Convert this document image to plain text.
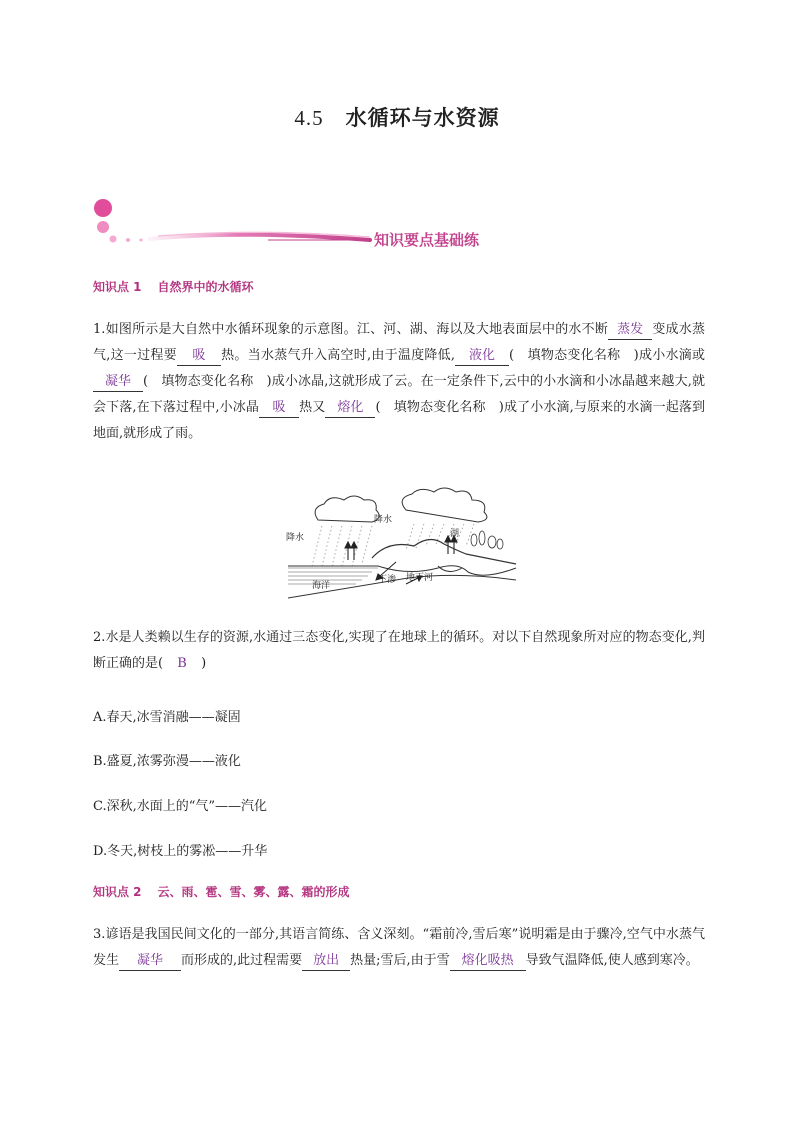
4.5 水循环与水资源
知识要点基础练
知识点 1 自然界中的水循环
1.如图所示是大自然中水循环现象的示意图。江、河、湖、海以及大地表面层中的水不断 蒸发 变成水蒸气,这一过程要 吸 热。当水蒸气升入高空时,由于温度降低, 液化 (　填物态变化名称　)成小水滴或凝华 (　填物态变化名称　)成小冰晶,这就形成了云。在一定条件下,云中的小水滴和小冰晶越来越大,就会下落,在下落过程中,小冰晶 吸 热又 熔化 (　填物态变化名称　)成了小水滴,与原来的水滴一起落到地面,就形成了雨。
降水
降水
海洋
下渗
湖
地下河
2.水是人类赖以生存的资源,水通过三态变化,实现了在地球上的循环。对以下自然现象所对应的物态变化,判断正确的是( B )
A.春天,冰雪消融——凝固
B.盛夏,浓雾弥漫——液化
C.深秋,水面上的“气”——汽化
D.冬天,树枝上的雾凇——升华
知识点 2 云、雨、雹、雪、雾、露、霜的形成
3.谚语是我国民间文化的一部分,其语言简练、含义深刻。“霜前冷,雪后寒”说明霜是由于骤冷,空气中水蒸气发生 凝华 而形成的,此过程需要 放出 热量;雪后,由于雪 熔化吸热 导致气温降低,使人感到寒冷。
